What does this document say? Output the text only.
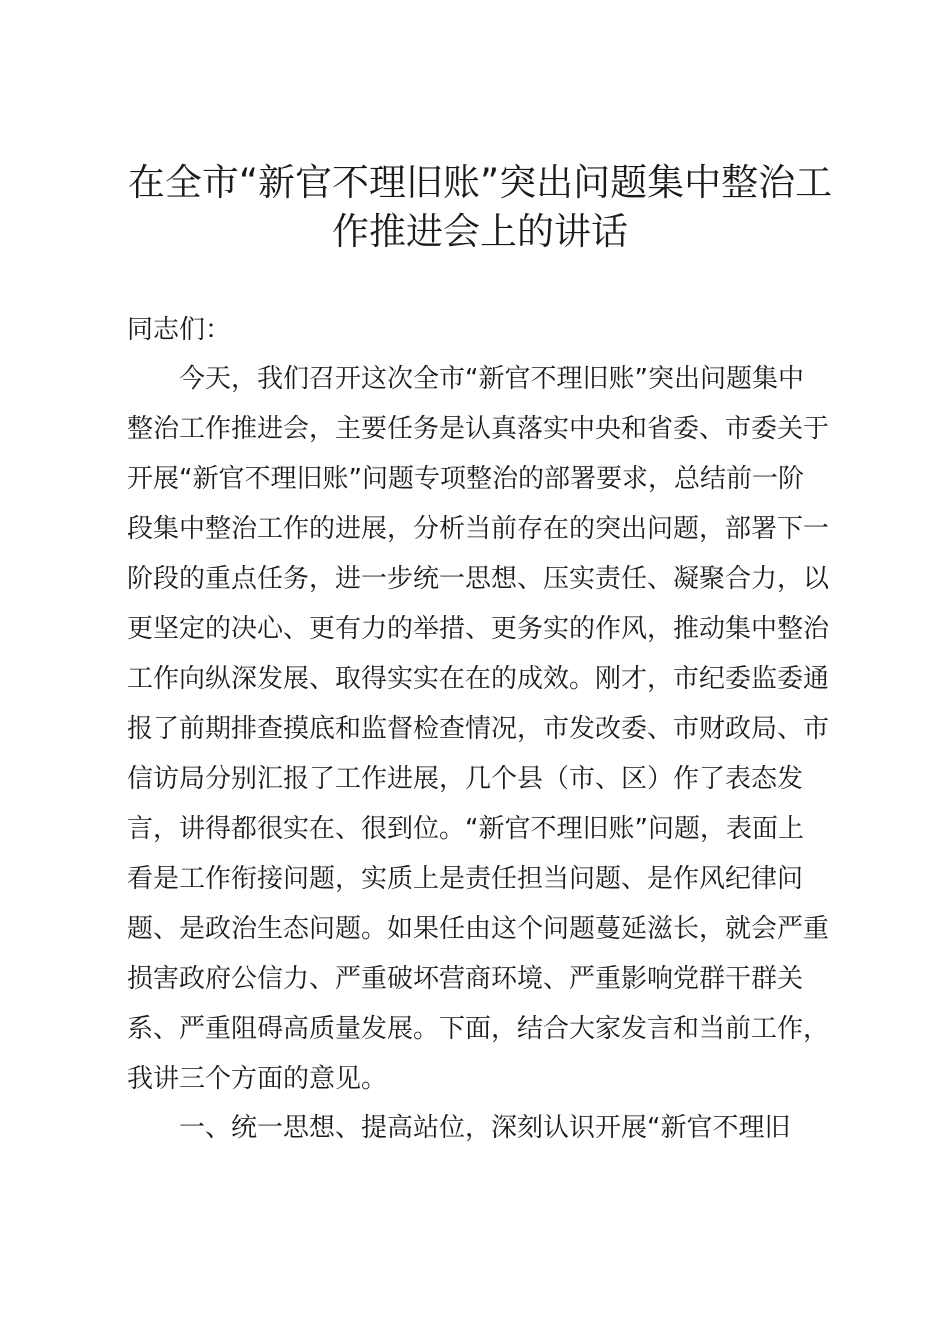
在全市“新官不理旧账”突出问题集中整治工
作推进会上的讲话

同志们：

今天，我们召开这次全市“新官不理旧账”突出问题集中
整治工作推进会，主要任务是认真落实中央和省委、市委关于
开展“新官不理旧账”问题专项整治的部署要求，总结前一阶
段集中整治工作的进展，分析当前存在的突出问题，部署下一
阶段的重点任务，进一步统一思想、压实责任、凝聚合力，以
更坚定的决心、更有力的举措、更务实的作风，推动集中整治
工作向纵深发展、取得实实在在的成效。刚才，市纪委监委通
报了前期排查摸底和监督检查情况，市发改委、市财政局、市
信访局分别汇报了工作进展，几个县（市、区）作了表态发
言，讲得都很实在、很到位。“新官不理旧账”问题，表面上
看是工作衔接问题，实质上是责任担当问题、是作风纪律问
题、是政治生态问题。如果任由这个问题蔓延滋长，就会严重
损害政府公信力、严重破坏营商环境、严重影响党群干群关
系、严重阻碍高质量发展。下面，结合大家发言和当前工作，
我讲三个方面的意见。

一、统一思想、提高站位，深刻认识开展“新官不理旧
